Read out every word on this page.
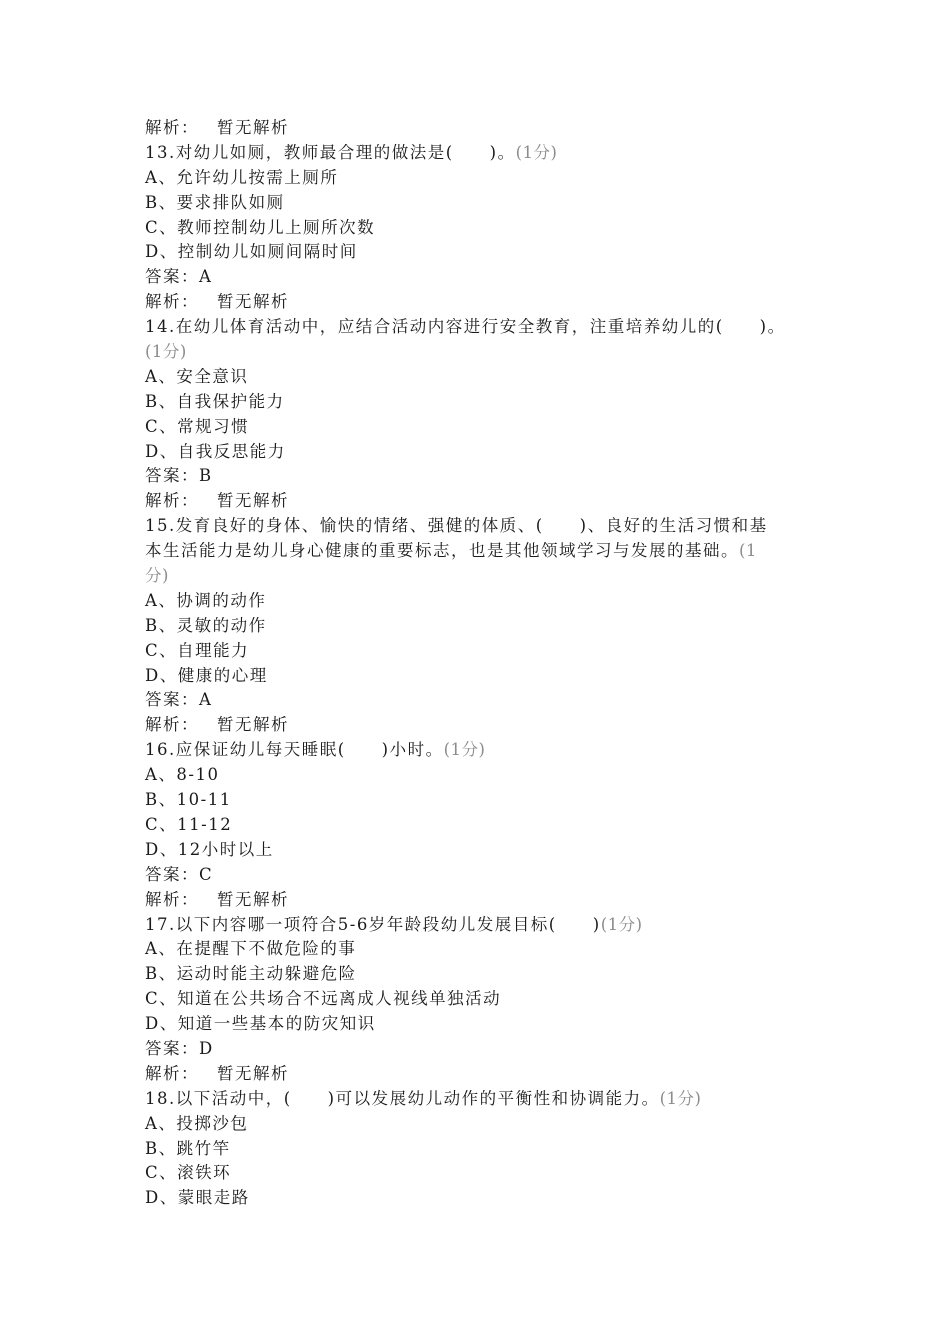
解析： 暂无解析
13.对幼儿如厕，教师最合理的做法是(　　)。(1分)
A、允许幼儿按需上厕所
B、要求排队如厕
C、教师控制幼儿上厕所次数
D、控制幼儿如厕间隔时间
答案：A
解析： 暂无解析
14.在幼儿体育活动中，应结合活动内容进行安全教育，注重培养幼儿的(　　)。
(1分)
A、安全意识
B、自我保护能力
C、常规习惯
D、自我反思能力
答案：B
解析： 暂无解析
15.发育良好的身体、愉快的情绪、强健的体质、(　　)、良好的生活习惯和基
本生活能力是幼儿身心健康的重要标志，也是其他领域学习与发展的基础。(1
分)
A、协调的动作
B、灵敏的动作
C、自理能力
D、健康的心理
答案：A
解析： 暂无解析
16.应保证幼儿每天睡眠(　　)小时。(1分)
A、8-10
B、10-11
C、11-12
D、12小时以上
答案：C
解析： 暂无解析
17.以下内容哪一项符合5-6岁年龄段幼儿发展目标(　　)(1分)
A、在提醒下不做危险的事
B、运动时能主动躲避危险
C、知道在公共场合不远离成人视线单独活动
D、知道一些基本的防灾知识
答案：D
解析： 暂无解析
18.以下活动中，(　　)可以发展幼儿动作的平衡性和协调能力。(1分)
A、投掷沙包
B、跳竹竿
C、滚铁环
D、蒙眼走路
